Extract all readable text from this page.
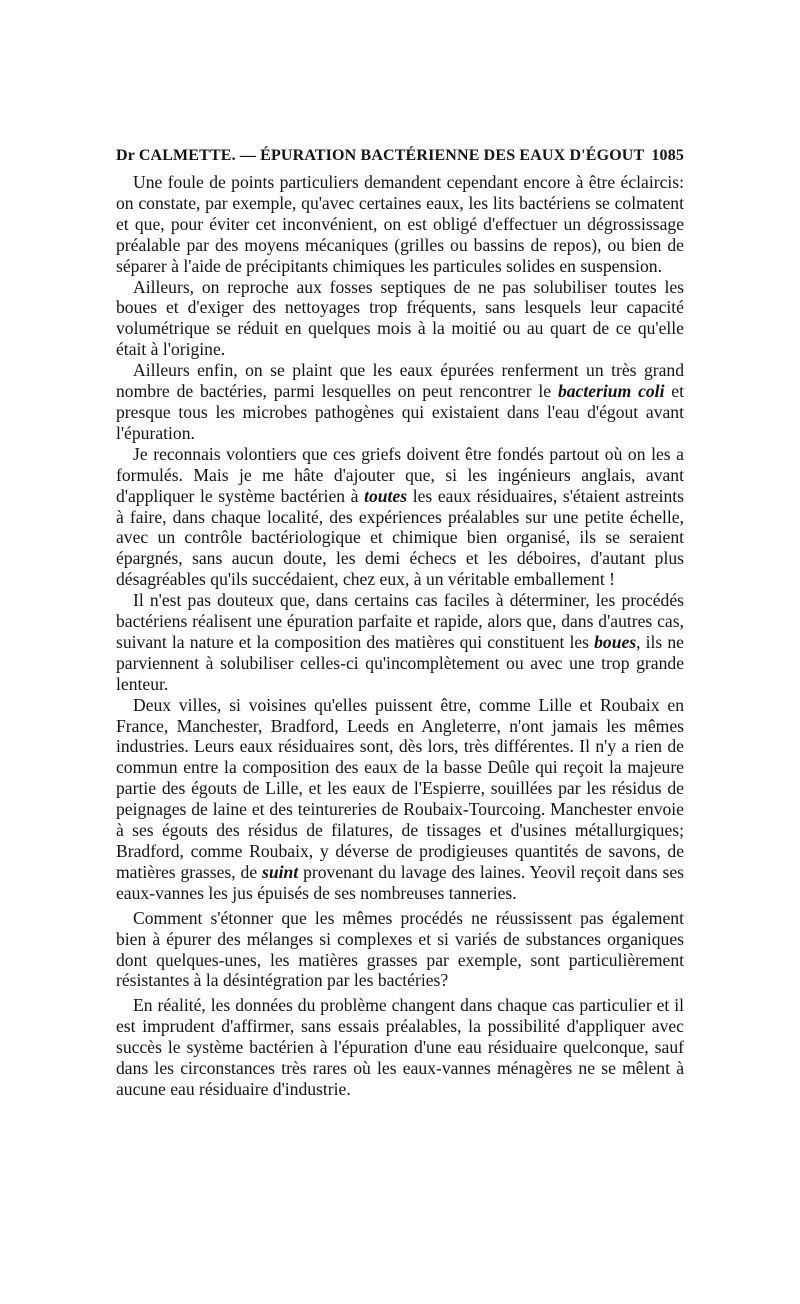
Dr CALMETTE. — ÉPURATION BACTÉRIENNE DES EAUX D'ÉGOUT 1085

Une foule de points particuliers demandent cependant encore à être éclaircis: on constate, par exemple, qu'avec certaines eaux, les lits bactériens se colmatent et que, pour éviter cet inconvénient, on est obligé d'effectuer un dégrossissage préalable par des moyens mécaniques (grilles ou bassins de repos), ou bien de séparer à l'aide de précipitants chimiques les particules solides en suspension.

Ailleurs, on reproche aux fosses septiques de ne pas solubiliser toutes les boues et d'exiger des nettoyages trop fréquents, sans lesquels leur capacité volumétrique se réduit en quelques mois à la moitié ou au quart de ce qu'elle était à l'origine.

Ailleurs enfin, on se plaint que les eaux épurées renferment un très grand nombre de bactéries, parmi lesquelles on peut rencontrer le bacterium coli et presque tous les microbes pathogènes qui existaient dans l'eau d'égout avant l'épuration.

Je reconnais volontiers que ces griefs doivent être fondés partout où on les a formulés. Mais je me hâte d'ajouter que, si les ingénieurs anglais, avant d'appliquer le système bactérien à toutes les eaux résiduaires, s'étaient astreints à faire, dans chaque localité, des expériences préalables sur une petite échelle, avec un contrôle bactériologique et chimique bien organisé, ils se seraient épargnés, sans aucun doute, les demi échecs et les déboires, d'autant plus désagréables qu'ils succédaient, chez eux, à un véritable emballement !

Il n'est pas douteux que, dans certains cas faciles à déterminer, les procédés bactériens réalisent une épuration parfaite et rapide, alors que, dans d'autres cas, suivant la nature et la composition des matières qui constituent les boues, ils ne parviennent à solubiliser celles-ci qu'incomplètement ou avec une trop grande lenteur.

Deux villes, si voisines qu'elles puissent être, comme Lille et Roubaix en France, Manchester, Bradford, Leeds en Angleterre, n'ont jamais les mêmes industries. Leurs eaux résiduaires sont, dès lors, très différentes. Il n'y a rien de commun entre la composition des eaux de la basse Deûle qui reçoit la majeure partie des égouts de Lille, et les eaux de l'Espierre, souillées par les résidus de peignages de laine et des teintureries de Roubaix-Tourcoing. Manchester envoie à ses égouts des résidus de filatures, de tissages et d'usines métallurgiques; Bradford, comme Roubaix, y déverse de prodigieuses quantités de savons, de matières grasses, de suint provenant du lavage des laines. Yeovil reçoit dans ses eaux-vannes les jus épuisés de ses nombreuses tanneries.

Comment s'étonner que les mêmes procédés ne réussissent pas également bien à épurer des mélanges si complexes et si variés de substances organiques dont quelques-unes, les matières grasses par exemple, sont particulièrement résistantes à la désintégration par les bactéries?

En réalité, les données du problème changent dans chaque cas particulier et il est imprudent d'affirmer, sans essais préalables, la possibilité d'appliquer avec succès le système bactérien à l'épuration d'une eau résiduaire quelconque, sauf dans les circonstances très rares où les eaux-vannes ménagères ne se mêlent à aucune eau résiduaire d'industrie.
